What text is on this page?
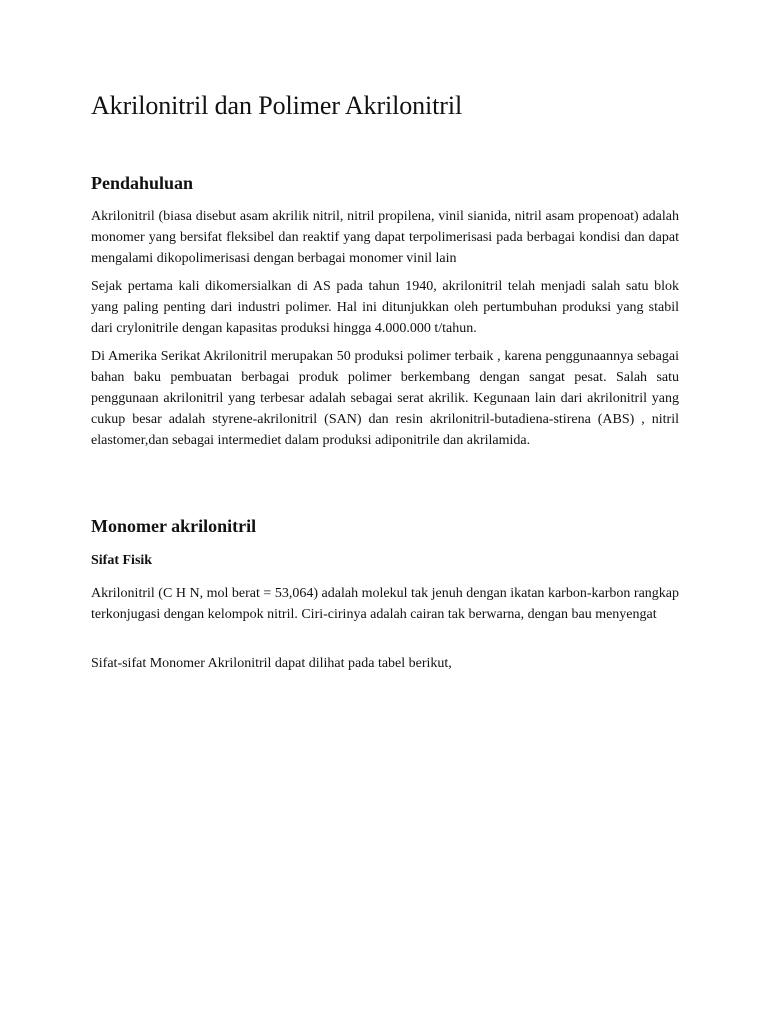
Akrilonitril dan Polimer Akrilonitril
Pendahuluan

Akrilonitril (biasa disebut asam akrilik nitril, nitril propilena, vinil sianida, nitril asam propenoat) adalah monomer yang bersifat fleksibel dan reaktif yang dapat terpolimerisasi pada berbagai kondisi dan dapat mengalami dikopolimerisasi dengan berbagai monomer vinil lain

Sejak pertama kali dikomersialkan di AS pada tahun 1940, akrilonitril telah menjadi salah satu blok yang paling penting dari industri polimer. Hal ini ditunjukkan oleh pertumbuhan produksi yang stabil dari crylonitrile dengan kapasitas produksi hingga 4.000.000 t/tahun.

Di Amerika Serikat Akrilonitril merupakan 50 produksi polimer terbaik , karena penggunaannya sebagai bahan baku pembuatan berbagai produk polimer berkembang dengan sangat pesat. Salah satu penggunaan akrilonitril yang terbesar adalah sebagai serat akrilik. Kegunaan lain dari akrilonitril yang cukup besar adalah styrene-akrilonitril (SAN) dan resin akrilonitril-butadiena-stirena (ABS) , nitril elastomer,dan sebagai intermediet dalam produksi adiponitrile dan akrilamida.

Monomer akrilonitril
Sifat Fisik

Akrilonitril (C H N, mol berat = 53,064) adalah molekul tak jenuh dengan ikatan karbon-karbon rangkap terkonjugasi dengan kelompok nitril. Ciri-cirinya adalah cairan tak berwarna, dengan bau menyengat

Sifat-sifat Monomer Akrilonitril dapat dilihat pada tabel berikut,
